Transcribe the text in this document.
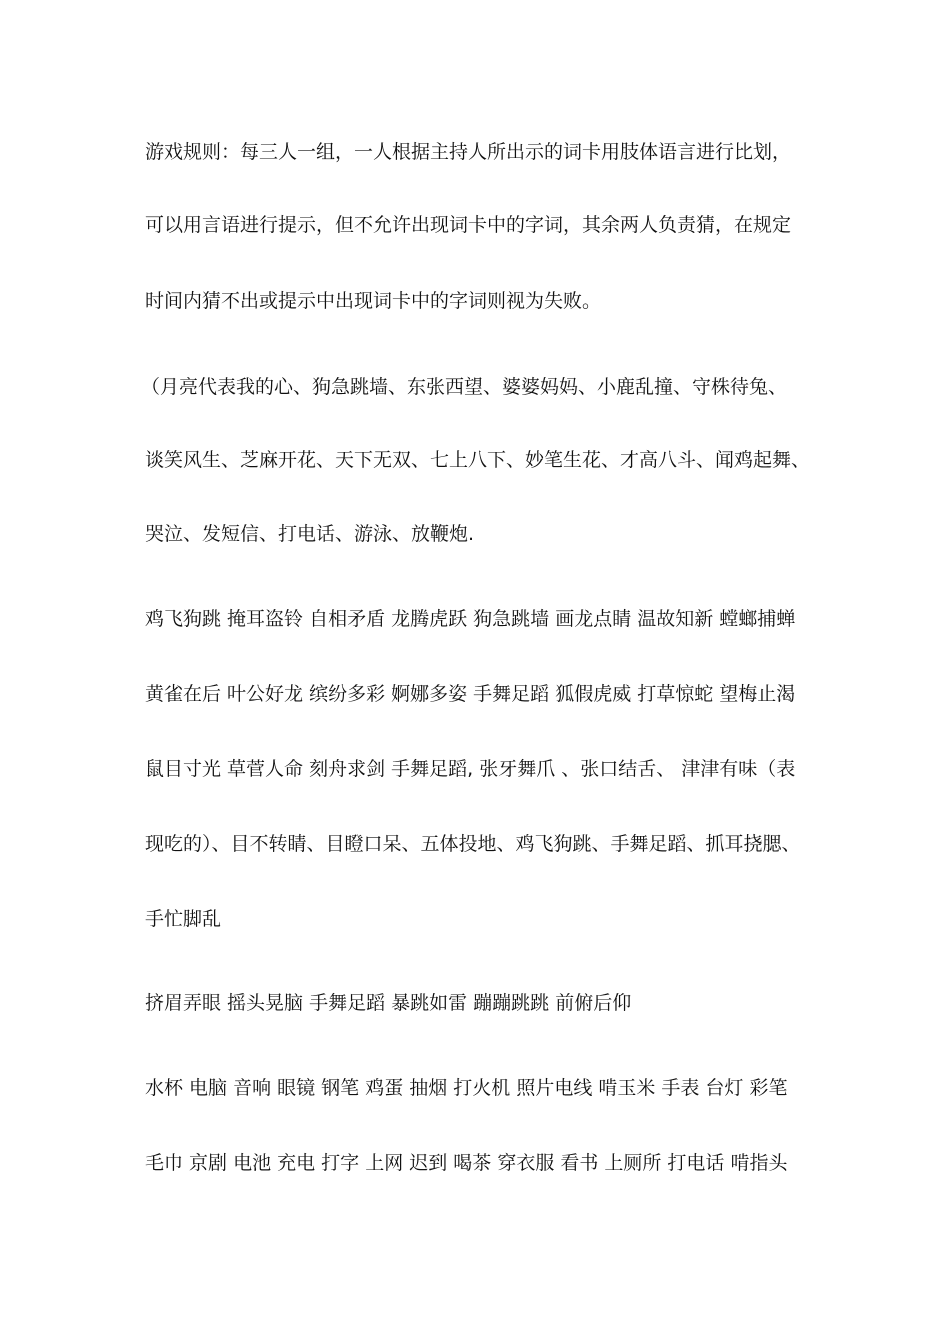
游戏规则：每三人一组，一人根据主持人所出示的词卡用肢体语言进行比划，
可以用言语进行提示，但不允许出现词卡中的字词，其余两人负责猜，在规定
时间内猜不出或提示中出现词卡中的字词则视为失败。
（月亮代表我的心、狗急跳墙、东张西望、婆婆妈妈、小鹿乱撞、守株待兔、
谈笑风生、芝麻开花、天下无双、七上八下、妙笔生花、才高八斗、闻鸡起舞、
哭泣、发短信、打电话、游泳、放鞭炮.
鸡飞狗跳 掩耳盗铃 自相矛盾 龙腾虎跃 狗急跳墙 画龙点睛 温故知新 螳螂捕蝉
黄雀在后 叶公好龙 缤纷多彩 婀娜多姿 手舞足蹈 狐假虎威 打草惊蛇 望梅止渴
鼠目寸光 草菅人命 刻舟求剑 手舞足蹈, 张牙舞爪 、张口结舌、 津津有味（表
现吃的）、目不转睛、目瞪口呆、五体投地、鸡飞狗跳、手舞足蹈、抓耳挠腮、
手忙脚乱
挤眉弄眼 摇头晃脑 手舞足蹈 暴跳如雷 蹦蹦跳跳 前俯后仰
水杯 电脑 音响 眼镜 钢笔 鸡蛋 抽烟 打火机 照片电线 啃玉米 手表 台灯 彩笔
毛巾 京剧 电池 充电 打字 上网 迟到 喝茶 穿衣服 看书 上厕所 打电话 啃指头
